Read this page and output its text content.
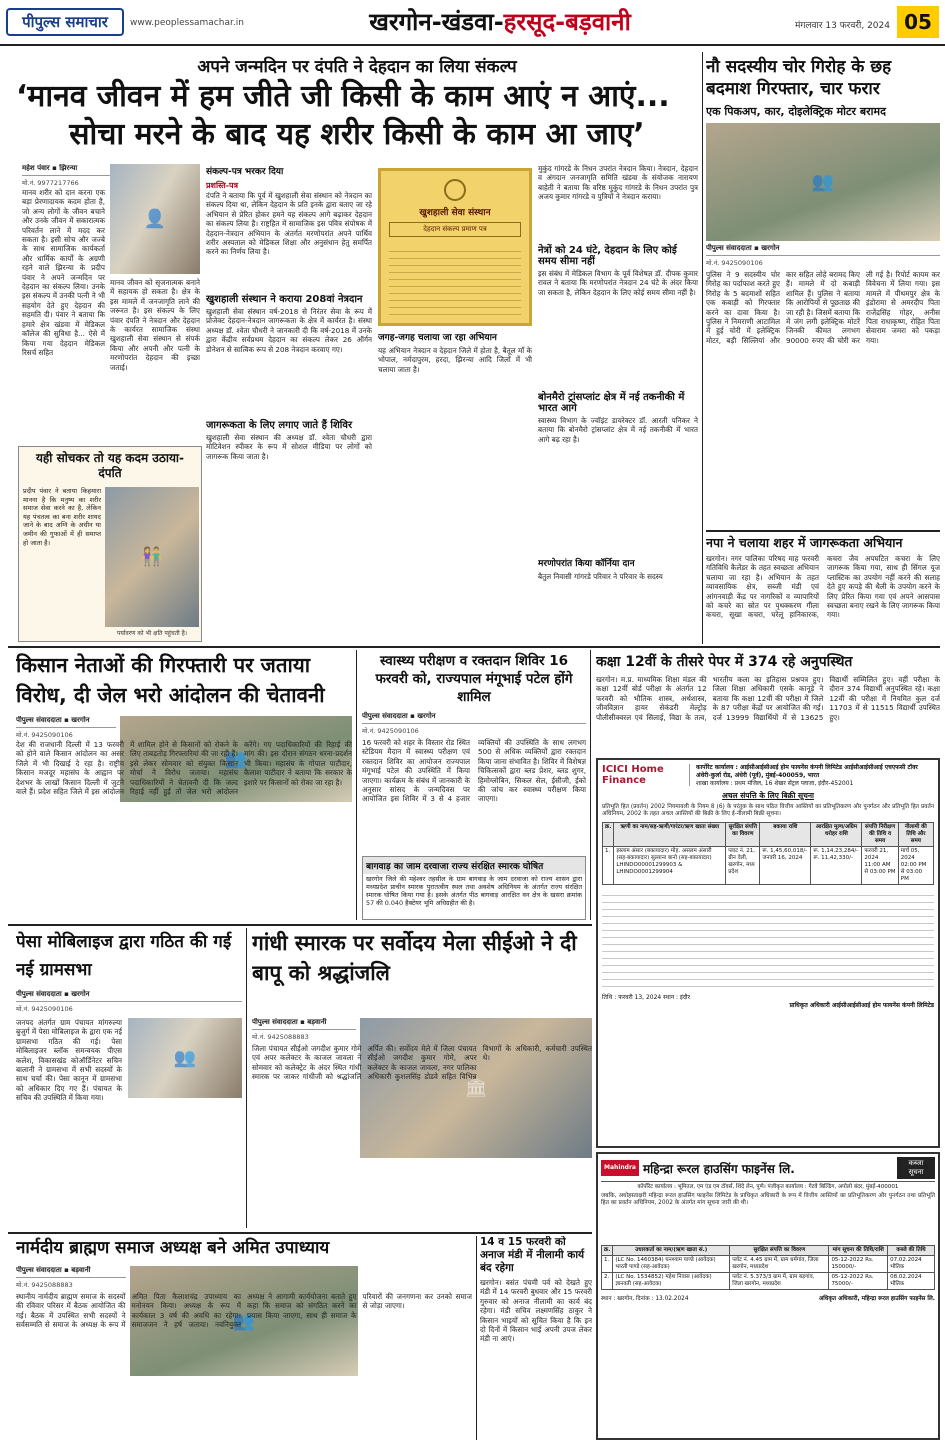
पीपुल्स समाचार	www.peoplessamachar.in	खरगोन-खंडवा-हरसूद-बड़वानी	मंगलवार 13 फरवरी, 2024 05
अपने जन्मदिन पर दंपति ने देहदान का लिया संकल्प
‘मानव जीवन में हम जीते जी किसी के काम आएं न आएं...
सोचा मरने के बाद यह शरीर किसी के काम आ जाए’
महेश पंवार ▪ झिरन्या
मो.नं. 9977217766
मानव शरीर को दान करना एक बड़ा प्रेरणादायक कदम होता है, जो अन्य लोगों के जीवन बचाने और उनके जीवन में सकारात्मक परिवर्तन लाने में मदद कर सकता है। इसी सोच और जज्बे के साथ सामाजिक कार्यकर्ता और धार्मिक कार्यों के अग्रणी रहने वाले झिरन्या के प्रदीप पंवार ने अपने जन्मदिन पर देहदान का संकल्प लिया। उनके इस संकल्प में उनकी पत्नी ने भी सहयोग देते हुए देहदान की सहमति दी। पंवार ने बताया कि हमारे क्षेत्र खंडवा में मेडिकल कॉलेज की सुविधा है... ऐसे में किया गया देहदान मेडिकल रिसर्च सहित
👤
मानव जीवन को सृजनात्मक बनाने में सहायक हो सकता है। क्षेत्र के इस मामले में जनजागृति लाने की जरूरत है। इस संकल्प के लिए पंवार दंपति ने नेत्रदान और देहदान के कार्यरत सामाजिक संस्था खुशहाली सेवा संस्थान से संपर्क किया और अपनी और पत्नी के मरणोपरांत देहदान की इच्छा जताई।
संकल्प-पत्र भरकर दिया
प्रशस्ति-पत्र
दंपति ने बताया कि पूर्व में खुशहाली सेवा संस्थान को नेत्रदान का संकल्प दिया था, लेकिन देहदान के प्रति इनके द्वारा बताए जा रहे अभियान से प्रेरित होकर हमने यह संकल्प आगे बढ़ाकर देहदान का संकल्प लिया है। राष्ट्रहित में सामाजिक इस पवित्र संपोषक में देहदान-नेत्रदान अभियान के अंतर्गत मरणोपरांत अपने पार्थिव शरीर अस्पताल को मेडिकल शिक्षा और अनुसंधान हेतु समर्पित करने का निर्णय लिया है।
खुशहाली संस्थान ने कराया 208वां नेत्रदान
खुशहाली सेवा संस्थान वर्ष-2018 से निरंतर सेवा के रूप में प्रोजेक्ट देहदान-नेत्रदान जागरूकता के क्षेत्र में कार्यरत है। संस्था अध्यक्ष डॉ. श्वेता चौधरी ने जानकारी दी कि वर्ष-2018 में उनके द्वारा केंद्रीय सर्वप्रथम देहदान का संकल्प लेकर 26 ऑर्गन डोनेशन से सात्विक रूप से 208 नेत्रदान करवाए गए।
जागरूकता के लिए लगाए जाते हैं शिविर
खुशहाली सेवा संस्थान की अध्यक्ष डॉ. श्वेता चौधरी द्वारा मोटिवेशन स्पीकर के रूप में सोशल मीडिया पर लोगों को जागरूक किया जाता है।
खुशहाली सेवा संस्थान
देहदान संकल्प प्रमाण पत्र
जगह-जगह चलाया जा रहा अभियान
यह अभियान नेत्रदान व देहदान जिले में होता है, बैतूल माँ के भोपाल, नर्मदापुरम, हरदा, झिरन्या आदि जिलों में भी चलाया जाता है।
मुकुंद गांगरडे के निधन उपरांत नेत्रदान किया। नेत्रदान, देहदान व अंगदान जनजागृति समिति खंडवा के संयोजक नारायण बाहेती ने बताया कि वरिष्ठ मुकुंद गांगरडे के निधन उपरांत पुत्र अजय कुमार गांगरडे व पुत्रियों ने नेत्रदान कराया।
नेत्रों को 24 घंटे, देहदान के लिए कोई समय सीमा नहीं
इस संबंध में मेडिकल विभाग के पूर्व विशेषज्ञ डॉ. दीपक कुमार रावल ने बताया कि मरणोपरांत नेत्रदान 24 घंटे के अंदर किया जा सकता है, लेकिन देहदान के लिए कोई समय सीमा नहीं है।
बोनमैरो ट्रांसप्लांट क्षेत्र में नई तकनीकी में भारत आगे
स्वास्थ्य विभाग के ज्वॉइंट डायरेक्टर डॉ. आरती पनिकर ने बताया कि बोनमैरो ट्रांसप्लांट क्षेत्र में नई तकनीकी में भारत आगे बढ़ रहा है।
मरणोपरांत किया कॉर्निया दान
बैतुल निवासी गांगरडे परिवार ने परिवार के सदस्य
यही सोचकर तो यह कदम उठाया- दंपति
प्रदीप पंवार ने बताया किहमारा मानना है कि मनुष्य का शरीर समाज सेवा करने का है, लेकिन यह पंचतत्व का बना शरीर शायद जाने के बाद अग्नि के अधीन या जमीन की गुफाओं में ही समाप्त हो जाता है।
👫
पर्यावरण को भी क्षति पहुंचती है।
नौ सदस्यीय चोर गिरोह के छह बदमाश गिरफ्तार, चार फरार
एक पिकअप, कार, दोइलेक्ट्रिक मोटर बरामद
👥
पीपुल्स संवाददाता ▪ खरगोन
मो.नं. 9425090106
पुलिस ने 9 सदस्यीय चोर गिरोह का पर्दाफाश करते हुए गिरोह के 5 बदमाशों सहित एक कबाड़ी को गिरफ्तार करने का दावा किया है। पुलिस ने निमराणी आटामिल में हुई चोरी में इलेक्ट्रिक मोटर, बड़ी सिल्लियां और कार सहित लोहे बरामद किए हैं। मामले में दो कबाड़ी शामिल हैं। पुलिस ने बताया कि आरोपियों से पूछताछ की जा रही है। जिसमें बताया कि में जंग लगी इलेक्ट्रिक मोटरें जिनकी कीमत लगभग 90000 रुपए की चोरी कर ली गई है। रिपोर्ट कायम कर विवेचना में लिया गया। इस मामले में पीथमपुर क्षेत्र के इंडोरामा से अमरदीप पिता राजेंद्रसिंह गोहर, अनीस पिता राधाकृष्ण, रोहित पिता सेवाराम जमरा को पकड़ा गया।
नपा ने चलाया शहर में जागरूकता अभियान
खरगोन। नगर पालिका परिषद माह फरवरी गतिविधि कैलेंडर के तहत स्वच्छता अभियान चलाया जा रहा है। अभियान के तहत व्यावसायिक क्षेत्र, सब्जी मंडी एवं आंगनवाड़ी केंद्र पर नागरिकों व व्यापारियों को कचरे का स्रोत पर पृथक्करण गीला कचरा, सूखा कचरा, घरेलू हानिकारक, कचरा जैव अपघटित कचरा के लिए जागरूक किया गया, साथ ही सिंगल यूज प्लास्टिक का उपयोग नहीं करने की सलाह देते हुए कपड़े की थैली के उपयोग करने के लिए प्रेरित किया गया एवं अपने आसपास स्वच्छता बनाए रखने के लिए जागरूक किया गया।
किसान नेताओं की गिरफ्तारी पर जताया विरोध, दी जेल भरो आंदोलन की चेतावनी
पीपुल्स संवाददाता ▪ खरगोन
मो.नं. 9425090106
👥
देश की राजधानी दिल्ली में 13 फरवरी को होने वाले किसान आंदोलन का असर जिले में भी दिखाई दे रहा है। राष्ट्रीय किसान मजदूर महासंघ के आह्वान पर देशभर के लाखों किसान दिल्ली में जुटने वाले हैं। प्रदेश सहित जिले में इस आंदोलन में शामिल होने से किसानों को रोकने के लिए ताबड़तोड़ गिरफ्तारियां की जा रही हैं। इसे लेकर सोमवार को संयुक्त किसान मोर्चा ने विरोध जताया। महासंघ पदाधिकारियों ने चेतावनी दी कि जल्द रिहाई नहीं हुई तो जेल भरो आंदोलन करेंगे। गए पदाधिकारियों की रिहाई की मांग की। इस दौरान संगठन धरना-प्रदर्शन भी किया। महासंघ के गोपाल पाटीदार, कैलाश पाटीदार ने बताया कि सरकार के इशारे पर किसानों को रोका जा रहा है।
स्वास्थ्य परीक्षण व रक्तदान शिविर 16 फरवरी को, राज्यपाल मंगूभाई पटेल होंगे शामिल
पीपुल्स संवाददाता ▪ खरगोन
मो.नं. 9425090106
16 फरवरी को शहर के विस्तार रोड स्थित स्टेडियम मैदान में स्वास्थ्य परीक्षण एवं रक्तदान शिविर का आयोजन राज्यपाल मंगूभाई पटेल की उपस्थिति में किया जाएगा। कार्यक्रम के संबंध में जानकारी के अनुसार सांसद के जन्मदिवस पर आयोजित इस शिविर में 3 से 4 हजार व्यक्तियों की उपस्थिति के साथ लगभग 500 से अधिक व्यक्तियों द्वारा रक्तदान किया जाना संभावित है। शिविर में विशेषज्ञ चिकित्सकों द्वारा ब्लड प्रेशर, ब्लड शुगर, हिमोग्लोबिन, सिकल सेल, ईसीजी, ईको की जांच कर स्वास्थ्य परीक्षण किया जाएगा।
बागवाड़ का जाम दरवाजा राज्य संरक्षित स्मारक घोषित
खरगोन जिले की महेश्वर तहसील के ग्राम बागवाड़ के जाम दरवाजा को राज्य शासन द्वारा मध्यप्रदेश प्राचीन स्मारक पुरातत्वीय स्थल तथा अवशेष अधिनियम के अंतर्गत राज्य संरक्षित स्मारक घोषित किया गया है। इसके अंतर्गत पीठ बागवाड़ आरक्षित वन क्षेत्र के खसरा क्रमांक 57 की 0.040 हैक्टेयर भूमि अधिग्रहीत की है।
कक्षा 12वीं के तीसरे पेपर में 374 रहे अनुपस्थित
खरगोन। म.प्र. माध्यमिक शिक्षा मंडल की कक्षा 12वीं बोर्ड परीक्षा के अंतर्गत 12 फरवरी को भौतिक शास्त्र, अर्थशास्त्र, जीवविज्ञान हायर सेकंडरी मेल्ट्रोड़ पौलीसीक्वरल एवं सिलाई, विद्या के तत्व, भारतीय कला का इतिहास प्रश्नपत्र हुए। जिला शिक्षा अधिकारी एसके कानूड़े ने बताया कि कक्षा 12वीं की परीक्षा में जिले के 87 परीक्षा केंद्रों पर आयोजित की गई। दर्ज 13999 विद्यार्थियों में से 13625 विद्यार्थी सम्मिलित हुए। वहीं परीक्षा के दौरान 374 विद्यार्थी अनुपस्थित रहे। कक्षा 12वीं की परीक्षा में नियमित कुल दर्ज 11703 में से 11515 विद्यार्थी उपस्थित हुए।
ICICI Home Finance
कार्पोरेट कार्यालय : आईसीआईसीआई होम फायनेंस कंपनी लिमिटेड आईसीआईसीआई एचएफसी टॉवर अंधेरी-कुर्ला रोड, अंधेरी (पूर्व), मुंबई-400059, भारत
शाखा कार्यालय : प्रथम मंजिल, 16 शेखर सेंट्रल प्लाजा, इंदौर-452001
अचल संपत्ति के लिए बिक्री सूचना
प्रतिभूति हित (प्रवर्तन) 2002 नियमावली के नियम 8 (6) के परंतुक के साथ पठित वित्तीय आस्तियों का प्रतिभूतिकरण और पुनर्गठन और प्रतिभूति हित प्रवर्तन अधिनियम, 2002 के तहत अचल आस्तियों की बिक्री के लिए ई-नीलामी बिक्री सूचना।
क्र.	ऋणी का नाम/सह-ऋणी/गारंटर/ऋण खाता संख्या	सुरक्षित संपत्ति का विवरण	बकाया राशि	आरक्षित मूल्य/अग्रिम धरोहर राशि	संपत्ति निरीक्षण की तिथि व समय	नीलामी की तिथि और समय
1.	इस्लाम अंसार (बकायादार) मोह. असलम अंसारी (सह-बकायादार) सुल्ताना बानो (सह-बकायादार) LHINDO00001299903 & LHINDO0001299904	प्लाट नं. 21, ग्रीन वेली, खरगोन, मध्य प्रदेश	रू. 1,45,60,018/- जनवरी 16, 2024	रू. 1,14,23,284/- रू. 11,42,330/-	फरवरी 21, 2024 11:00 AM से 03:00 PM	मार्च 05, 2024 02:00 PM से 03:00 PM
तिथि : फरवरी 13, 2024 स्थान : इंदौर
प्राधिकृत अधिकारी आईसीआईसीआई होम फायनेंस कंपनी लिमिटेड
पेसा मोबिलाइज द्वारा गठित की गई नई ग्रामसभा
पीपुल्स संवाददाता ▪ खरगोन
मो.नं. 9425090106
👥
जनपद अंतर्गत ग्राम पंचायत मांगरुल्या बुजुर्ग में पेसा मोबिलाइज के द्वारा एक नई ग्रामसभा गठित की गई। पेसा मोबिलाइजर ब्लॉक समन्वयक पीएस कलेश, विकासखंड कोऑर्डिनेटर सचिन बालानी ने ग्रामसभा में सभी सदस्यों के साथ चर्चा की। पेसा कानून में ग्रामसभा को अधिकार दिए गए हैं। पंचायत के सचिव की उपस्थिति में किया गया।
गांधी स्मारक पर सर्वोदय मेला सीईओ ने दी बापू को श्रद्धांजलि
पीपुल्स संवाददाता ▪ बड़वानी
मो.नं. 9425088883
🏛
जिला पंचायत सीईओ जगदीश कुमार गोमे एवं अपर कलेक्टर के काजल जावला ने सोमवार को कलेक्ट्रेट के अंदर स्थित गांधी स्मारक पर जाकर गांधीजी को श्रद्धांजलि अर्पित की। सर्वोदय मेले में जिला पंचायत सीईओ जगदीश कुमार गोमे, अपर कलेक्टर के काजल जावला, नगर पालिका अधिकारी कुशलसिंह डोडवे सहित विभिन्न विभागों के अधिकारी, कर्मचारी उपस्थित थे।
नार्मदीय ब्राह्मण समाज अध्यक्ष बने अमित उपाध्याय
पीपुल्स संवाददाता ▪ बड़वानी
मो.नं. 9425088883
👥
स्थानीय नार्मदीय ब्राह्मण समाज के सदस्यों की रविवार परिसर में बैठक आयोजित की गई। बैठक में उपस्थित सभी सदस्यों ने सर्वसम्मति से समाज के अध्यक्ष के रूप में अमित पिता कैलाशचंद्र उपाध्याय का मनोनयन किया। अध्यक्ष के रूप में कार्यकाल 3 वर्ष की अवधि का रहेगा। समाजजन ने हर्ष जताया। नवनियुक्त अध्यक्ष ने आगामी कार्ययोजना बताते हुए कहा कि समाज को संगठित करने का प्रयास किया जाएगा, साथ ही समाज के परिवारों की जनगणना कर उनको समाज से जोड़ा जाएगा।
14 व 15 फरवरी को अनाज मंडी में नीलामी कार्य बंद रहेगा
खरगोन। बसंत पंचमी पर्व को देखते हुए मंडी में 14 फरवरी बुधवार और 15 फरवरी गुरुवार को अनाज नीलामी का कार्य बंद रहेगा। मंडी सचिव लक्ष्मणसिंह ठाकुर ने किसान भाइयों को सूचित किया है कि इन दो दिनों में किसान भाई अपनी उपज लेकर मंडी ना आएं।
Mahindra महिन्द्रा रूरल हाउसिंग फाइनेंस लि.	कब्जा सूचना
कॉर्पोरेट कार्यालय : भूमितल, एम एंड एम टॉवर्स, शिंदे लेन, पुणे। पंजीकृत कार्यालय : गेटवे बिल्डिंग, अपोलो बंदर, मुंबई-400001
जबकि, अधोहस्ताक्षरी महिन्द्रा रूरल हाउसिंग फाइनेंस लिमिटेड के प्राधिकृत अधिकारी के रूप में वित्तीय आस्तियों का प्रतिभूतिकरण और पुनर्गठन तथा प्रतिभूति हित का प्रवर्तन अधिनियम, 2002 के अंतर्गत मांग सूचना जारी की थी।
क्र.	उधारकर्ता का नाम/(ऋण खाता सं.)	सुरक्षित संपत्ति का विवरण	मांग सूचना की तिथि/राशि	कब्जे की तिथि
1.	(LC No. 1460384) घनश्याम पाण्डे (आवेदक) भारती पाण्डे (सह-आवेदक)	प्लॉट नं. 4.45 ग्राम में, ग्राम धर्मगांव, जिला खरगोन, मध्यप्रदेश	05-12-2022 Rs. 150000/-	07.02.2024 भौतिक
2.	(LC No. 1534852) महेश निवास (आवेदक) ज्ञानवती (सह-आवेदक)	प्लॉट नं. 5.373/3 ग्राम में, ग्राम बड़गांव, जिला खरगोन, मध्यप्रदेश	05-12-2022 Rs. 75000/-	08.02.2024 भौतिक
स्थान : खरगोन, दिनांक : 13.02.2024	अधिकृत अधिकारी, महिन्द्रा रूरल हाउसिंग फाइनेंस लि.
